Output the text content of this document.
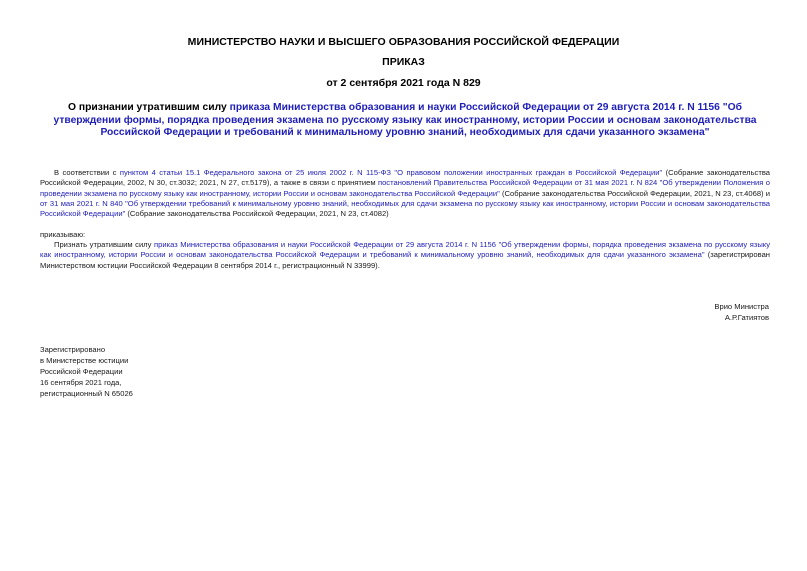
МИНИСТЕРСТВО НАУКИ И ВЫСШЕГО ОБРАЗОВАНИЯ РОССИЙСКОЙ ФЕДЕРАЦИИ
ПРИКАЗ
от 2 сентября 2021 года N 829
О признании утратившим силу приказа Министерства образования и науки Российской Федерации от 29 августа 2014 г. N 1156 "Об утверждении формы, порядка проведения экзамена по русскому языку как иностранному, истории России и основам законодательства Российской Федерации и требований к минимальному уровню знаний, необходимых для сдачи указанного экзамена"
В соответствии с пунктом 4 статьи 15.1 Федерального закона от 25 июля 2002 г. N 115-ФЗ "О правовом положении иностранных граждан в Российской Федерации" (Собрание законодательства Российской Федерации, 2002, N 30, ст.3032; 2021, N 27, ст.5179), а также в связи с принятием постановлений Правительства Российской Федерации от 31 мая 2021 г. N 824 "Об утверждении Положения о проведении экзамена по русскому языку как иностранному, истории России и основам законодательства Российской Федерации" (Собрание законодательства Российской Федерации, 2021, N 23, ст.4068) и от 31 мая 2021 г. N 840 "Об утверждении требований к минимальному уровню знаний, необходимых для сдачи экзамена по русскому языку как иностранному, истории России и основам законодательства Российской Федерации" (Собрание законодательства Российской Федерации, 2021, N 23, ст.4082)
приказываю:
Признать утратившим силу приказ Министерства образования и науки Российской Федерации от 29 августа 2014 г. N 1156 "Об утверждении формы, порядка проведения экзамена по русскому языку как иностранному, истории России и основам законодательства Российской Федерации и требований к минимальному уровню знаний, необходимых для сдачи указанного экзамена" (зарегистрирован Министерством юстиции Российской Федерации 8 сентября 2014 г., регистрационный N 33999).
Врио Министра
А.Р.Гатиятов
Зарегистрировано
в Министерстве юстиции
Российской Федерации
16 сентября 2021 года,
регистрационный N 65026
